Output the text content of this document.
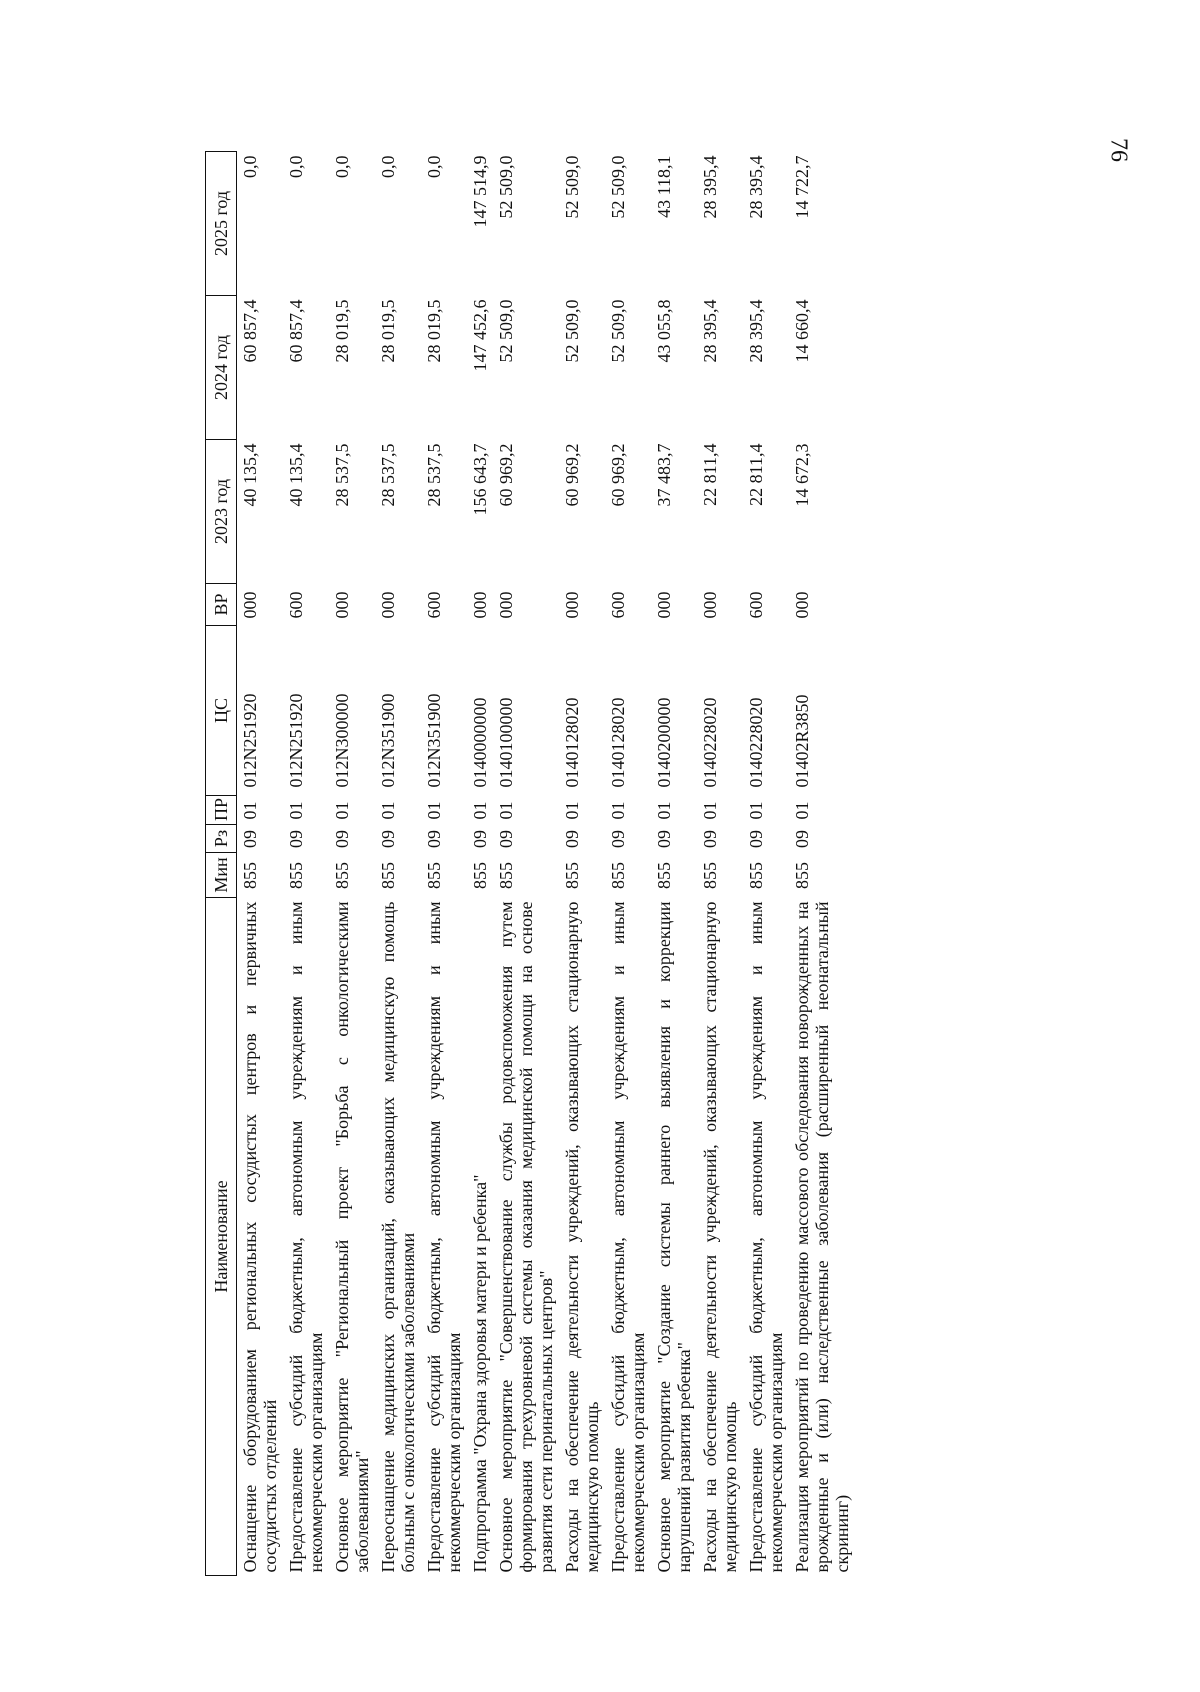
76
Наименование	Мин	Рз	ПР	ЦС	ВР	2023 год	2024 год	2025 год
Оснащение оборудованием региональных сосудистых центров и первичных сосудистых отделений	855	09	01	012N251920	000	40 135,4	60 857,4	0,0
Предоставление субсидий бюджетным, автономным учреждениям и иным некоммерческим организациям	855	09	01	012N251920	600	40 135,4	60 857,4	0,0
Основное мероприятие "Региональный проект "Борьба с онкологическими заболеваниями"	855	09	01	012N300000	000	28 537,5	28 019,5	0,0
Переоснащение медицинских организаций, оказывающих медицинскую помощь больным с онкологическими заболеваниями	855	09	01	012N351900	000	28 537,5	28 019,5	0,0
Предоставление субсидий бюджетным, автономным учреждениям и иным некоммерческим организациям	855	09	01	012N351900	600	28 537,5	28 019,5	0,0
Подпрограмма "Охрана здоровья матери и ребенка"	855	09	01	0140000000	000	156 643,7	147 452,6	147 514,9
Основное мероприятие "Совершенствование службы родовспоможения путем формирования трехуровневой системы оказания медицинской помощи на основе развития сети перинатальных центров"	855	09	01	0140100000	000	60 969,2	52 509,0	52 509,0
Расходы на обеспечение деятельности учреждений, оказывающих стационарную медицинскую помощь	855	09	01	0140128020	000	60 969,2	52 509,0	52 509,0
Предоставление субсидий бюджетным, автономным учреждениям и иным некоммерческим организациям	855	09	01	0140128020	600	60 969,2	52 509,0	52 509,0
Основное мероприятие "Создание системы раннего выявления и коррекции нарушений развития ребенка"	855	09	01	0140200000	000	37 483,7	43 055,8	43 118,1
Расходы на обеспечение деятельности учреждений, оказывающих стационарную медицинскую помощь	855	09	01	0140228020	000	22 811,4	28 395,4	28 395,4
Предоставление субсидий бюджетным, автономным учреждениям и иным некоммерческим организациям	855	09	01	0140228020	600	22 811,4	28 395,4	28 395,4
Реализация мероприятий по проведению массового обследования новорожденных на врожденные и (или) наследственные заболевания (расширенный неонатальный скрининг)	855	09	01	01402R3850	000	14 672,3	14 660,4	14 722,7
